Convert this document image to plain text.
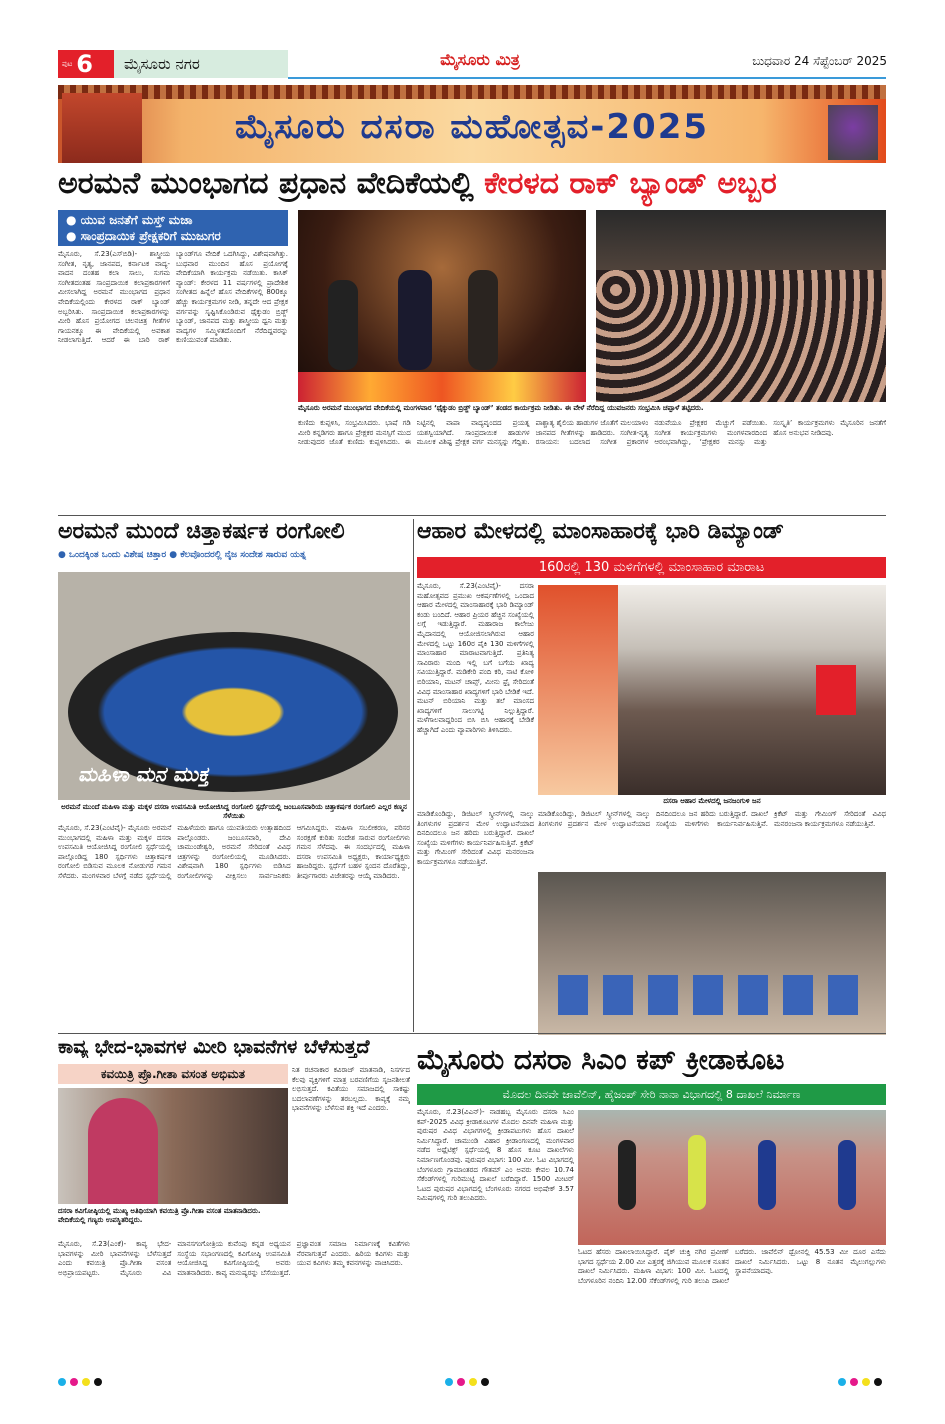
ಪುಟ 6	ಮೈಸೂರು ನಗರ	ಮೈಸೂರು ಮಿತ್ರ	ಬುಧವಾರ 24 ಸೆಪ್ಟೆಂಬರ್ 2025
ಮೈಸೂರು ದಸರಾ ಮಹೋತ್ಸವ-2025
ಅರಮನೆ ಮುಂಭಾಗದ ಪ್ರಧಾನ ವೇದಿಕೆಯಲ್ಲಿ ಕೇರಳದ ರಾಕ್ ಬ್ಯಾಂಡ್ ಅಬ್ಬರ
● ಯುವ ಜನತೆಗೆ ಮಸ್ತ್ ಮಜಾ
● ಸಾಂಪ್ರದಾಯಿಕ ಪ್ರೇಕ್ಷಕರಿಗೆ ಮುಜುಗರ
ಮೈಸೂರು, ಸೆ.23(ಎಸ್‍ಬಿಡಿ)- ಶಾಸ್ತ್ರೀಯ ಸಂಗೀತ, ನೃತ್ಯ, ಜಾನಪದ, ಕರ್ನಾಟಕ ವಾದ್ಯ-ವಾದನ ದಂತಹ ಕಲಾ ಸಾಲು, ಸುಗಮ ಸಂಗೀತದಂತಹ ಸಾಂಪ್ರದಾಯಿಕ ಕಲಾಪ್ರಕಾರಗಳಿಗೆ ಮೀಸಲಾಗಿದ್ದ ಅರಮನೆ ಮುಂಭಾಗದ ಪ್ರಧಾನ ವೇದಿಕೆಯಲ್ಲಿಂದು ಕೇರಳದ ರಾಕ್ ಬ್ಯಾಂಡ್ ಅಬ್ಬರಿಸಿತು. ಸಾಂಪ್ರದಾಯಿಕ ಕಲಾಪ್ರಕಾರಗಳನ್ನು ಮೀರಿ ಹೊಸ ಪ್ರಯೋಗದ ಚಲನಚಿತ್ರ ಗೀತೆಗಳ ಗಾಯನಕ್ಕೂ ಈ ವೇದಿಕೆಯಲ್ಲಿ ಅವಕಾಶ ನೀಡಲಾಗುತ್ತಿದೆ. ಆದರೆ ಈ ಬಾರಿ ರಾಕ್ ಬ್ಯಾಂಡ್‍ಗೂ ವೇದಿಕೆ ಒದಗಿಸಿದ್ದು, ವಿಶೇಷವಾಗಿತ್ತು. ಬುಧವಾರ ಮುಂದಿನ ಹೊಸ ಪ್ರಯೋಗಕ್ಕೆ ವೇದಿಕೆಯಾಗಿ ಕಾರ್ಯಕ್ರಮ ನಡೆಯಿತು. ಕಾಸಿಕ್‍ ವ್ಯಾಂಡ್: ಕೇರಳದ 11 ವರ್ಷಗಳಲ್ಲಿ ಪ್ರಾದೇಶಿಕ ಸಂಗೀತದ ಹಿನ್ನೆಲೆ ಹೊಸ ವೇದಿಕೆಗಳಲ್ಲಿ 800ಕ್ಕೂ ಹೆಚ್ಚು ಕಾರ್ಯಕ್ರಮಗಳ ನೀಡಿ, ತನ್ನದೇ ಆದ ಪ್ರೇಕ್ಷಕ ವರ್ಗವನ್ನು ಸೃಷ್ಟಿಸಿಕೊಂಡಿರುವ ಥೈಕ್ಕುಡಂ ಬ್ರಿಡ್ಜ್ ಬ್ಯಾಂಡ್, ಜಾನಪದ ಮತ್ತು ಶಾಸ್ತ್ರೀಯ ಧ್ವನಿ ಮತ್ತು ವಾದ್ಯಗಳ ಸಮ್ಮಿಳತದೊಂದಿಗೆ ನೆರೆದಿದ್ದವರನ್ನು ಕುಣಿಯುವಂತೆ ಮಾಡಿತು.
ಮೈಸೂರು ಅರಮನೆ ಮುಂಭಾಗದ ವೇದಿಕೆಯಲ್ಲಿ ಮಂಗಳವಾರ ‘ಥೈಕ್ಕುಡಂ ಬ್ರಿಡ್ಜ್ ಬ್ಯಾಂಡ್’ ತಂಡದ ಕಾರ್ಯಕ್ರಮ ನೀಡಿತು. ಈ ವೇಳೆ ನೆರೆದಿದ್ದ ಯುವಜನರು ಸಂಭ್ರಮಿಸಿ ಚಪ್ಪಾಳೆ ತಟ್ಟಿದರು.
ಕುಣಿದು ಕುಪ್ಪಳಿಸಿ, ಸಂಭ್ರಮಿಸಿದರು. ಭಾಷೆ ಗಡಿ ಮೀರಿ ಕನ್ನಡಿಗರು ಹಾಗೂ ಪ್ರೇಕ್ಷಕರ ಮನಸ್ಸಿಗೆ ಮುದ ನೀಡುವುದರ ಜೊತೆ ಕುಣಿದು ಕುಪ್ಪಳಿಸಿದರು. ಈ ನಿಟ್ಟಿನಲ್ಲಿ ವಾಪಾ ವಾದ್ಯವೃಂದದ ಪ್ರಯತ್ನ ಯಶಸ್ವಿಯಾಗಿದೆ. ಸಾಂಪ್ರದಾಯಿಕ ಹಾಡುಗಳ ಮೂಲಕ ವಿಶಿಷ್ಟ ಪ್ರೇಕ್ಷಕ ವರ್ಗ ಮನಸ್ಸನ್ನು ಗೆದ್ದಿತು. ಪಾಶ್ಚಾತ್ಯ ಶೈಲಿಯ ಹಾಡುಗಳ ಜೊತೆಗೆ ಮಲಯಾಳಂ ಜಾನಪದ ಗೀತೆಗಳನ್ನು ಹಾಡಿದರು. ಸಂಗೀತ-ನೃತ್ಯ ರಸಾಯನ: ಬದಲಾದ ಸಂಗೀತ ಪ್ರಕಾರಗಳ ನಡುವೆಯೂ ಪ್ರೇಕ್ಷಕರ ಮೆಚ್ಚುಗೆ ಪಡೆಯಿತು. ಸಂಗೀತ ಕಾರ್ಯಕ್ರಮಗಳು ಮಂಗಳವಾರದಿಂದ ಆರಂಭವಾಗಿದ್ದು, ‘ಪ್ರೇಕ್ಷಕರ ಮನಸ್ಸು ಮತ್ತು ಸಂಸ್ಕೃತಿ’ ಕಾರ್ಯಕ್ರಮಗಳು ಮೈಸೂರಿನ ಜನತೆಗೆ ಹೊಸ ಅನುಭವ ನೀಡಿದವು.
ಅರಮನೆ ಮುಂದೆ ಚಿತ್ತಾಕರ್ಷಕ ರಂಗೋಲಿ
● ಒಂದಕ್ಕಿಂತ ಒಂದು ವಿಶೇಷ ಚಿತ್ತಾರ ● ಕೆಲವೊಂದರಲ್ಲಿ ನೈಜ ಸಂದೇಶ ಸಾರುವ ಯತ್ನ
ಮಹಿಳಾ ಮನ ಮುಕ್ತ
ಅರಮನೆ ಮುಂದೆ ಮಹಿಳಾ ಮತ್ತು ಮಕ್ಕಳ ದಸರಾ ಉಪಸಮಿತಿ ಆಯೋಜಿಸಿದ್ದ ರಂಗೋಲಿ ಸ್ಪರ್ಧೆಯಲ್ಲಿ ಜಂಬೂಸವಾರಿಯ ಚಿತ್ತಾಕರ್ಷಕ ರಂಗೋಲಿ ಎಲ್ಲರ ಕಣ್ಮನ ಸೆಳೆಯಿತು
ಮೈಸೂರು, ಸೆ.23(ಎಂಟಿವೈ)- ಮೈಸೂರು ಅರಮನೆ ಮುಂಭಾಗದಲ್ಲಿ ಮಹಿಳಾ ಮತ್ತು ಮಕ್ಕಳ ದಸರಾ ಉಪಸಮಿತಿ ಆಯೋಜಿಸಿದ್ದ ರಂಗೋಲಿ ಸ್ಪರ್ಧೆಯಲ್ಲಿ ಪಾಲ್ಗೊಂಡಿದ್ದ 180 ಸ್ಪರ್ಧಿಗಳು ಚಿತ್ತಾಕರ್ಷಕ ರಂಗೋಲಿ ಬಿಡಿಸುವ ಮೂಲಕ ನೋಡುಗರ ಗಮನ ಸೆಳೆದರು. ಮಂಗಳವಾರ ಬೆಳಗ್ಗೆ ನಡೆದ ಸ್ಪರ್ಧೆಯಲ್ಲಿ ಮಹಿಳೆಯರು ಹಾಗೂ ಯುವತಿಯರು ಉತ್ಸಾಹದಿಂದ ಪಾಲ್ಗೊಂಡರು. ಜಂಬೂಸವಾರಿ, ದೇವಿ ಚಾಮುಂಡೇಶ್ವರಿ, ಅರಮನೆ ಸೇರಿದಂತೆ ವಿವಿಧ ಚಿತ್ರಗಳನ್ನು ರಂಗೋಲಿಯಲ್ಲಿ ಮೂಡಿಸಿದರು. ವಿಶೇಷವಾಗಿ 180 ಸ್ಪರ್ಧಿಗಳು ಬಿಡಿಸಿದ ರಂಗೋಲಿಗಳನ್ನು ವೀಕ್ಷಿಸಲು ಸಾರ್ವಜನಿಕರು ಆಗಮಿಸಿದ್ದರು. ಮಹಿಳಾ ಸಬಲೀಕರಣ, ಪರಿಸರ ಸಂರಕ್ಷಣೆ ಕುರಿತು ಸಂದೇಶ ಸಾರುವ ರಂಗೋಲಿಗಳು ಗಮನ ಸೆಳೆದವು. ಈ ಸಂದರ್ಭದಲ್ಲಿ ಮಹಿಳಾ ದಸರಾ ಉಪಸಮಿತಿ ಅಧ್ಯಕ್ಷರು, ಕಾರ್ಯಾಧ್ಯಕ್ಷರು ಹಾಜರಿದ್ದರು. ಸ್ಪರ್ಧೆಗೆ ಬಹಳ ಸ್ಪಂದನ ದೊರೆತಿದ್ದು, ತೀರ್ಪುಗಾರರು ವಿಜೇತರನ್ನು ಆಯ್ಕೆ ಮಾಡಿದರು.
ಆಹಾರ ಮೇಳದಲ್ಲಿ ಮಾಂಸಾಹಾರಕ್ಕೆ ಭಾರಿ ಡಿಮ್ಯಾಂಡ್
160ರಲ್ಲಿ 130 ಮಳಿಗೆಗಳಲ್ಲಿ ಮಾಂಸಾಹಾರ ಮಾರಾಟ
ಮೈಸೂರು, ಸೆ.23(ಎಂಟಿವೈ)- ದಸರಾ ಮಹೋತ್ಸವದ ಪ್ರಮುಖ ಆಕರ್ಷಣೆಗಳಲ್ಲಿ ಒಂದಾದ ಆಹಾರ ಮೇಳದಲ್ಲಿ ಮಾಂಸಾಹಾರಕ್ಕೆ ಭಾರಿ ಡಿಮ್ಯಾಂಡ್ ಕಂಡು ಬಂದಿದೆ. ಆಹಾರ ಪ್ರಿಯರ ಹೆಚ್ಚಿನ ಸಂಖ್ಯೆಯಲ್ಲಿ ಲಗ್ಗೆ ಇಡುತ್ತಿದ್ದಾರೆ. ಮಹಾರಾಜ ಕಾಲೇಜು ಮೈದಾನದಲ್ಲಿ ಆಯೋಜಿಸಲಾಗಿರುವ ಆಹಾರ ಮೇಳದಲ್ಲಿ ಒಟ್ಟು 160ರ ಪೈಕಿ 130 ಮಳಿಗೆಗಳಲ್ಲಿ ಮಾಂಸಾಹಾರ ಮಾರಾಟವಾಗುತ್ತಿದೆ. ಪ್ರತಿನಿತ್ಯ ಸಾವಿರಾರು ಮಂದಿ ಇಲ್ಲಿ ಬಗೆ ಬಗೆಯ ಖಾದ್ಯ ಸವಿಯುತ್ತಿದ್ದಾರೆ. ಮಡಿಕೇರಿ ಪಂದಿ ಕರಿ, ನಾಟಿ ಕೋಳಿ ಬಿರಿಯಾನಿ, ಮಟನ್ ಚಾಪ್ಸ್, ಮೀನು ಫ್ರೈ ಸೇರಿದಂತೆ ವಿವಿಧ ಮಾಂಸಾಹಾರ ಖಾದ್ಯಗಳಿಗೆ ಭಾರಿ ಬೇಡಿಕೆ ಇದೆ. ಮಟನ್ ಬಿರಿಯಾನಿ ಮತ್ತು ತಲೆ ಮಾಂಸದ ಖಾದ್ಯಗಳಿಗೆ ಸಾಲುಗಟ್ಟಿ ನಿಲ್ಲುತ್ತಿದ್ದಾರೆ. ಮಳೆಗಾಲವಾದ್ದರಿಂದ ಬಿಸಿ ಬಿಸಿ ಆಹಾರಕ್ಕೆ ಬೇಡಿಕೆ ಹೆಚ್ಚಾಗಿದೆ ಎಂದು ವ್ಯಾಪಾರಿಗಳು ತಿಳಿಸಿದರು.
ದಸರಾ ಆಹಾರ ಮೇಳದಲ್ಲಿ ಜನಜಂಗುಳಿ ಜನ
ಮಾಡಿಕೊಂಡಿದ್ದು, ಡಿಜಿಟಲ್ ಸ್ಕ್ರೀನ್‍ಗಳಲ್ಲಿ ನಾಲ್ಕು ತಿಂಗಳುಗಳ ಪ್ರದರ್ಶನ ಮೇಳ ಉದ್ಘಾಟನೆಯಾದ ದಿನದಿಂದಲೂ ಜನ ಹರಿದು ಬರುತ್ತಿದ್ದಾರೆ. ದಾಖಲೆ ಸಂಖ್ಯೆಯ ಮಳಿಗೆಗಳು ಕಾರ್ಯನಿರ್ವಹಿಸುತ್ತಿವೆ. ಕ್ರಿಕೆಟ್ ಮತ್ತು ಗೇಮಿಂಗ್ ಸೇರಿದಂತೆ ವಿವಿಧ ಮನರಂಜನಾ ಕಾರ್ಯಕ್ರಮಗಳೂ ನಡೆಯುತ್ತಿವೆ.
ಮಾಡಿಕೊಂಡಿದ್ದು, ಡಿಜಿಟಲ್ ಸ್ಕ್ರೀನ್‍ಗಳಲ್ಲಿ ನಾಲ್ಕು ತಿಂಗಳುಗಳ ಪ್ರದರ್ಶನ ಮೇಳ ಉದ್ಘಾಟನೆಯಾದ ದಿನದಿಂದಲೂ ಜನ ಹರಿದು ಬರುತ್ತಿದ್ದಾರೆ. ದಾಖಲೆ ಸಂಖ್ಯೆಯ ಮಳಿಗೆಗಳು ಕಾರ್ಯನಿರ್ವಹಿಸುತ್ತಿವೆ. ಕ್ರಿಕೆಟ್ ಮತ್ತು ಗೇಮಿಂಗ್ ಸೇರಿದಂತೆ ವಿವಿಧ ಮನರಂಜನಾ ಕಾರ್ಯಕ್ರಮಗಳೂ ನಡೆಯುತ್ತಿವೆ.
ಕಾವ್ಯ ಭೇದ-ಭಾವಗಳ ಮೀರಿ ಭಾವನೆಗಳ ಬೆಳೆಸುತ್ತದೆ
ಕವಯಿತ್ರಿ ಪ್ರೊ.ಗೀತಾ ವಸಂತ ಅಭಿಮತ
ದಸರಾ ಕವಿಗೋಷ್ಠಿಯಲ್ಲಿ ಮುಖ್ಯ ಅತಿಥಿಯಾಗಿ ಕವಯಿತ್ರಿ ಪ್ರೊ.ಗೀತಾ ವಸಂತ ಮಾತನಾಡಿದರು. ವೇದಿಕೆಯಲ್ಲಿ ಗಣ್ಯರು ಉಪಸ್ಥಿತರಿದ್ದರು.
ನಿತ ರಚನಾಕಾರ ಕವಿರಾಜ್ ಮಾತನಾಡಿ, ನಿಸರ್ಗದ ಕೆಲವು ವ್ಯಕ್ತಿಗಳಿಗೆ ಮಾತ್ರ ಬರವಣಿಗೆಯ ಸೃಜನಶೀಲತೆ ಲಭಿಸುತ್ತದೆ. ಕವಿತೆಯು ಸಮಾಜದಲ್ಲಿ ಸಾಕಷ್ಟು ಬದಲಾವಣೆಗಳನ್ನು ತರಬಲ್ಲದು. ಕಾವ್ಯಕ್ಕೆ ನಮ್ಮ ಭಾವನೆಗಳನ್ನು ಬೆಳೆಸುವ ಶಕ್ತಿ ಇದೆ ಎಂದರು.
ಮೈಸೂರು, ಸೆ.23(ಎಂಕೆ)- ಕಾವ್ಯ ಭೇದ-ಭಾವಗಳನ್ನು ಮೀರಿ ಭಾವನೆಗಳನ್ನು ಬೆಳೆಸುತ್ತದೆ ಎಂದು ಕವಯಿತ್ರಿ ಪ್ರೊ.ಗೀತಾ ವಸಂತ ಅಭಿಪ್ರಾಯಪಟ್ಟರು. ಮೈಸೂರು ವಿವಿ ಮಾನಸಗಂಗೋತ್ರಿಯ ಕುವೆಂಪು ಕನ್ನಡ ಅಧ್ಯಯನ ಸಂಸ್ಥೆಯ ಸಭಾಂಗಣದಲ್ಲಿ ಕವಿಗೋಷ್ಠಿ ಉಪಸಮಿತಿ ಆಯೋಜಿಸಿದ್ದ ಕವಿಗೋಷ್ಠಿಯಲ್ಲಿ ಅವರು ಮಾತನಾಡಿದರು. ಕಾವ್ಯ ಮನುಷ್ಯರನ್ನು ಬೆಸೆಯುತ್ತದೆ. ಪ್ರಜ್ಞಾವಂತ ಸಮಾಜ ನಿರ್ಮಾಣಕ್ಕೆ ಕವಿತೆಗಳು ನೆರವಾಗುತ್ತವೆ ಎಂದರು. ಹಿರಿಯ ಕವಿಗಳು ಮತ್ತು ಯುವ ಕವಿಗಳು ತಮ್ಮ ಕವನಗಳನ್ನು ವಾಚಿಸಿದರು.
ಮೈಸೂರು ದಸರಾ ಸಿಎಂ ಕಪ್ ಕ್ರೀಡಾಕೂಟ
ಮೊದಲ ದಿನವೇ ಜಾವೆಲಿನ್, ಹೈಜಂಪ್ ಸೇರಿ ನಾನಾ ವಿಭಾಗದಲ್ಲಿ 8 ದಾಖಲೆ ನಿರ್ಮಾಣ
ಮೈಸೂರು, ಸೆ.23(ವಿಎನ್)- ನಾಡಹಬ್ಬ ಮೈಸೂರು ದಸರಾ ಸಿಎಂ ಕಪ್-2025 ವಿವಿಧ ಕ್ರೀಡಾಕೂಟಗಳ ಮೊದಲ ದಿನವೇ ಮಹಿಳಾ ಮತ್ತು ಪುರುಷರ ವಿವಿಧ ವಿಭಾಗಗಳಲ್ಲಿ ಕ್ರೀಡಾಪಟುಗಳು ಹೊಸ ದಾಖಲೆ ನಿರ್ಮಿಸಿದ್ದಾರೆ. ಚಾಮುಂಡಿ ವಿಹಾರ ಕ್ರೀಡಾಂಗಣದಲ್ಲಿ ಮಂಗಳವಾರ ನಡೆದ ಅಥ್ಲೆಟಿಕ್ಸ್ ಸ್ಪರ್ಧೆಯಲ್ಲಿ 8 ಹೊಸ ಕೂಟ ದಾಖಲೆಗಳು ನಿರ್ಮಾಣಗೊಂಡವು. ಪುರುಷರ ವಿಭಾಗ: 100 ಮೀ. ಓಟ ವಿಭಾಗದಲ್ಲಿ ಬೆಂಗಳೂರು ಗ್ರಾಮಾಂತರದ ಗೌತಮ್ ಎಂ ಅವರು ಕೇವಲ 10.74 ಸೆಕೆಂಡ್‍ಗಳಲ್ಲಿ ಗುರಿಮುಟ್ಟಿ ದಾಖಲೆ ಬರೆದಿದ್ದಾರೆ. 1500 ಮೀಟರ್ ಓಟದ ಪುರುಷರ ವಿಭಾಗದಲ್ಲಿ ಬೆಂಗಳೂರು ನಗರದ ಅಭಿಷೇಕ್ 3.57 ನಿಮಿಷಗಳಲ್ಲಿ ಗುರಿ ತಲುಪಿದರು.
ಓಟದ ಹೆಸರು ದಾಖಲಾಯಿಸಿದ್ದಾರೆ. ಪೈಕ್ ಚುಕ್ತಿ ನಗಿರ ಪ್ರವೀಣ್ ಭಾಗದ ಸ್ಪರ್ಧೆಯ 2.00 ಮೀ ಎತ್ತರಕ್ಕೆ ಜಿಗಿಯುವ ಮೂಲಕ ನೂತನ ದಾಖಲೆ ನಿರ್ಮಿಸಿದರು. ಮಹಿಳಾ ವಿಭಾಗ: 100 ಮೀ. ಓಟದಲ್ಲಿ ಬೆಂಗಳೂರಿನ ನಂದಿನಿ 12.00 ಸೆಕೆಂಡ್‍ಗಳಲ್ಲಿ ಗುರಿ ತಲುಪಿ ದಾಖಲೆ ಬರೆದರು. ಜಾವೆಲಿನ್ ಥ್ರೋನಲ್ಲಿ 45.53 ಮೀ ದೂರ ಎಸೆದು ದಾಖಲೆ ನಿರ್ಮಿಸಿದರು. ಒಟ್ಟು 8 ನೂತನ ಮೈಲುಗಲ್ಲುಗಳು ಸ್ಥಾಪನೆಯಾದವು.
